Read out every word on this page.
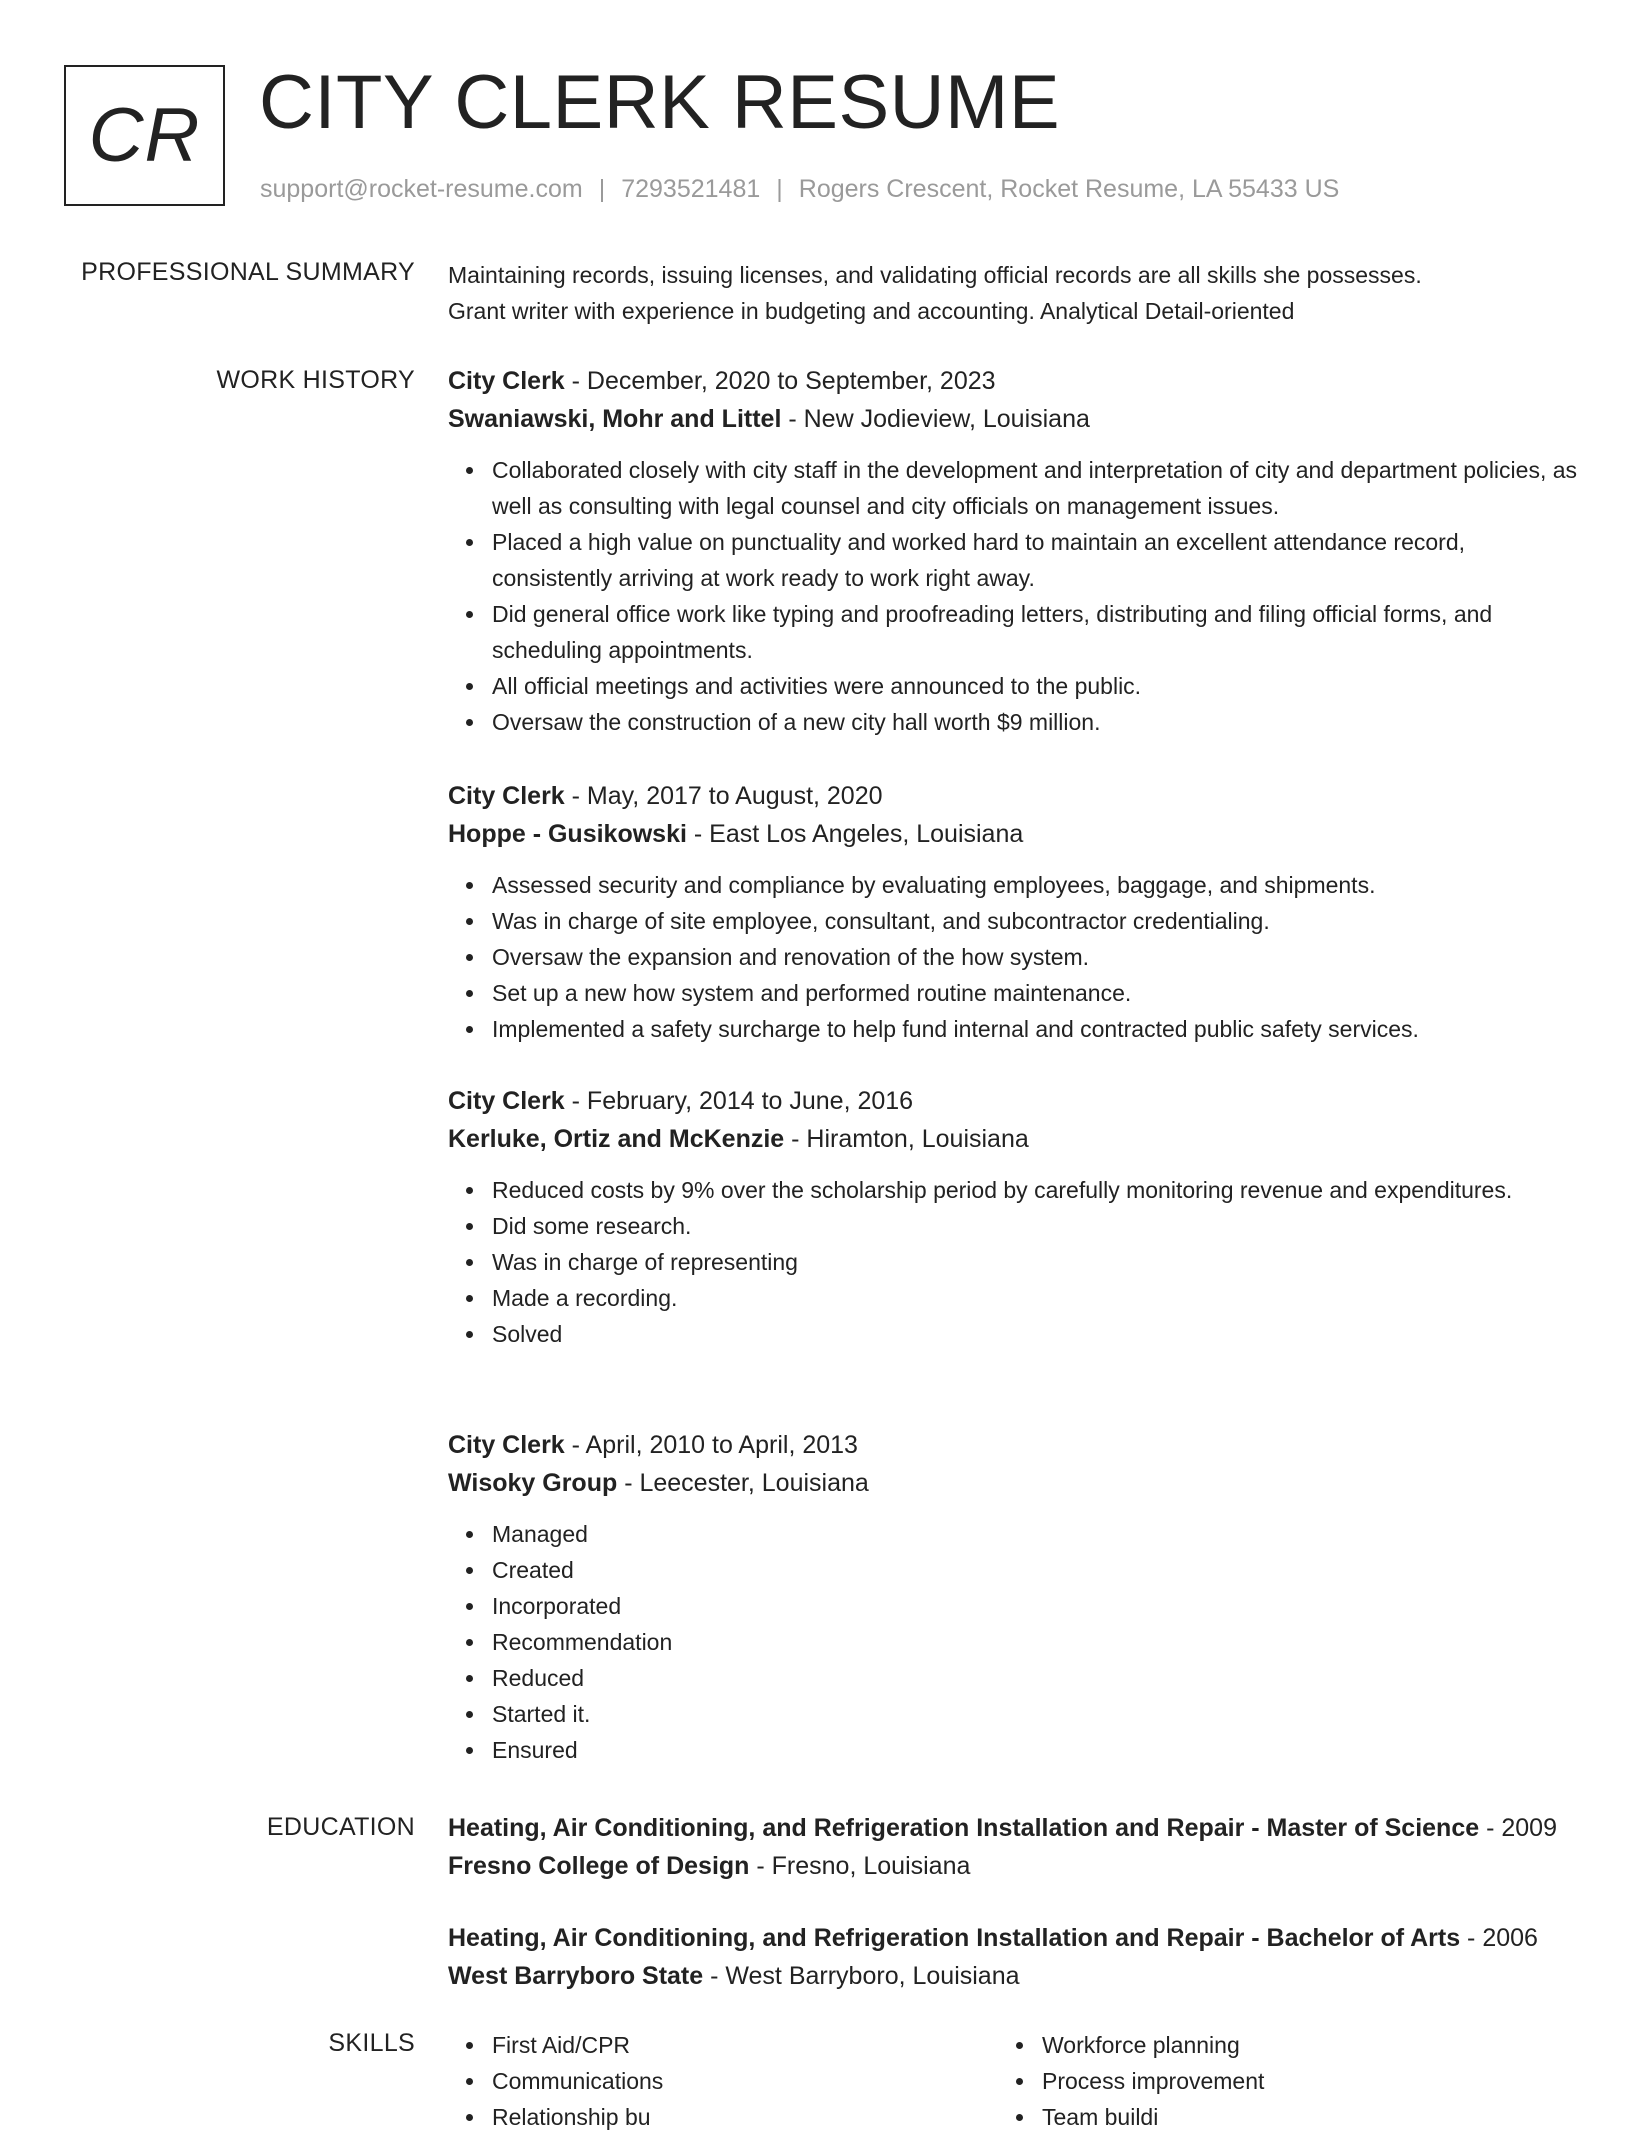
CR CITY CLERK RESUME
support@rocket-resume.com | 7293521481 | Rogers Crescent, Rocket Resume, LA 55433 US
PROFESSIONAL SUMMARY Maintaining records, issuing licenses, and validating official records are all skills she possesses.
Grant writer with experience in budgeting and accounting. Analytical Detail-oriented

WORK HISTORY City Clerk - December, 2020 to September, 2023
Swaniawski, Mohr and Littel - New Jodieview, Louisiana
Collaborated closely with city staff in the development and interpretation of city and department policies, as well as consulting with legal counsel and city officials on management issues.
Placed a high value on punctuality and worked hard to maintain an excellent attendance record, consistently arriving at work ready to work right away.
Did general office work like typing and proofreading letters, distributing and filing official forms, and scheduling appointments.
All official meetings and activities were announced to the public.
Oversaw the construction of a new city hall worth $9 million.
City Clerk - May, 2017 to August, 2020
Hoppe - Gusikowski - East Los Angeles, Louisiana
Assessed security and compliance by evaluating employees, baggage, and shipments.
Was in charge of site employee, consultant, and subcontractor credentialing.
Oversaw the expansion and renovation of the how system.
Set up a new how system and performed routine maintenance.
Implemented a safety surcharge to help fund internal and contracted public safety services.
City Clerk - February, 2014 to June, 2016
Kerluke, Ortiz and McKenzie - Hiramton, Louisiana
Reduced costs by 9% over the scholarship period by carefully monitoring revenue and expenditures.
Did some research.
Was in charge of representing
Made a recording.
Solved
City Clerk - April, 2010 to April, 2013
Wisoky Group - Leecester, Louisiana
Managed
Created
Incorporated
Recommendation
Reduced
Started it.
Ensured
EDUCATION Heating, Air Conditioning, and Refrigeration Installation and Repair - Master of Science - 2009
Fresno College of Design - Fresno, Louisiana
Heating, Air Conditioning, and Refrigeration Installation and Repair - Bachelor of Arts - 2006
West Barryboro State - West Barryboro, Louisiana
SKILLS	First Aid/CPR
Communications
Relationship bu
Workforce planning
Process improvement
Team buildi
